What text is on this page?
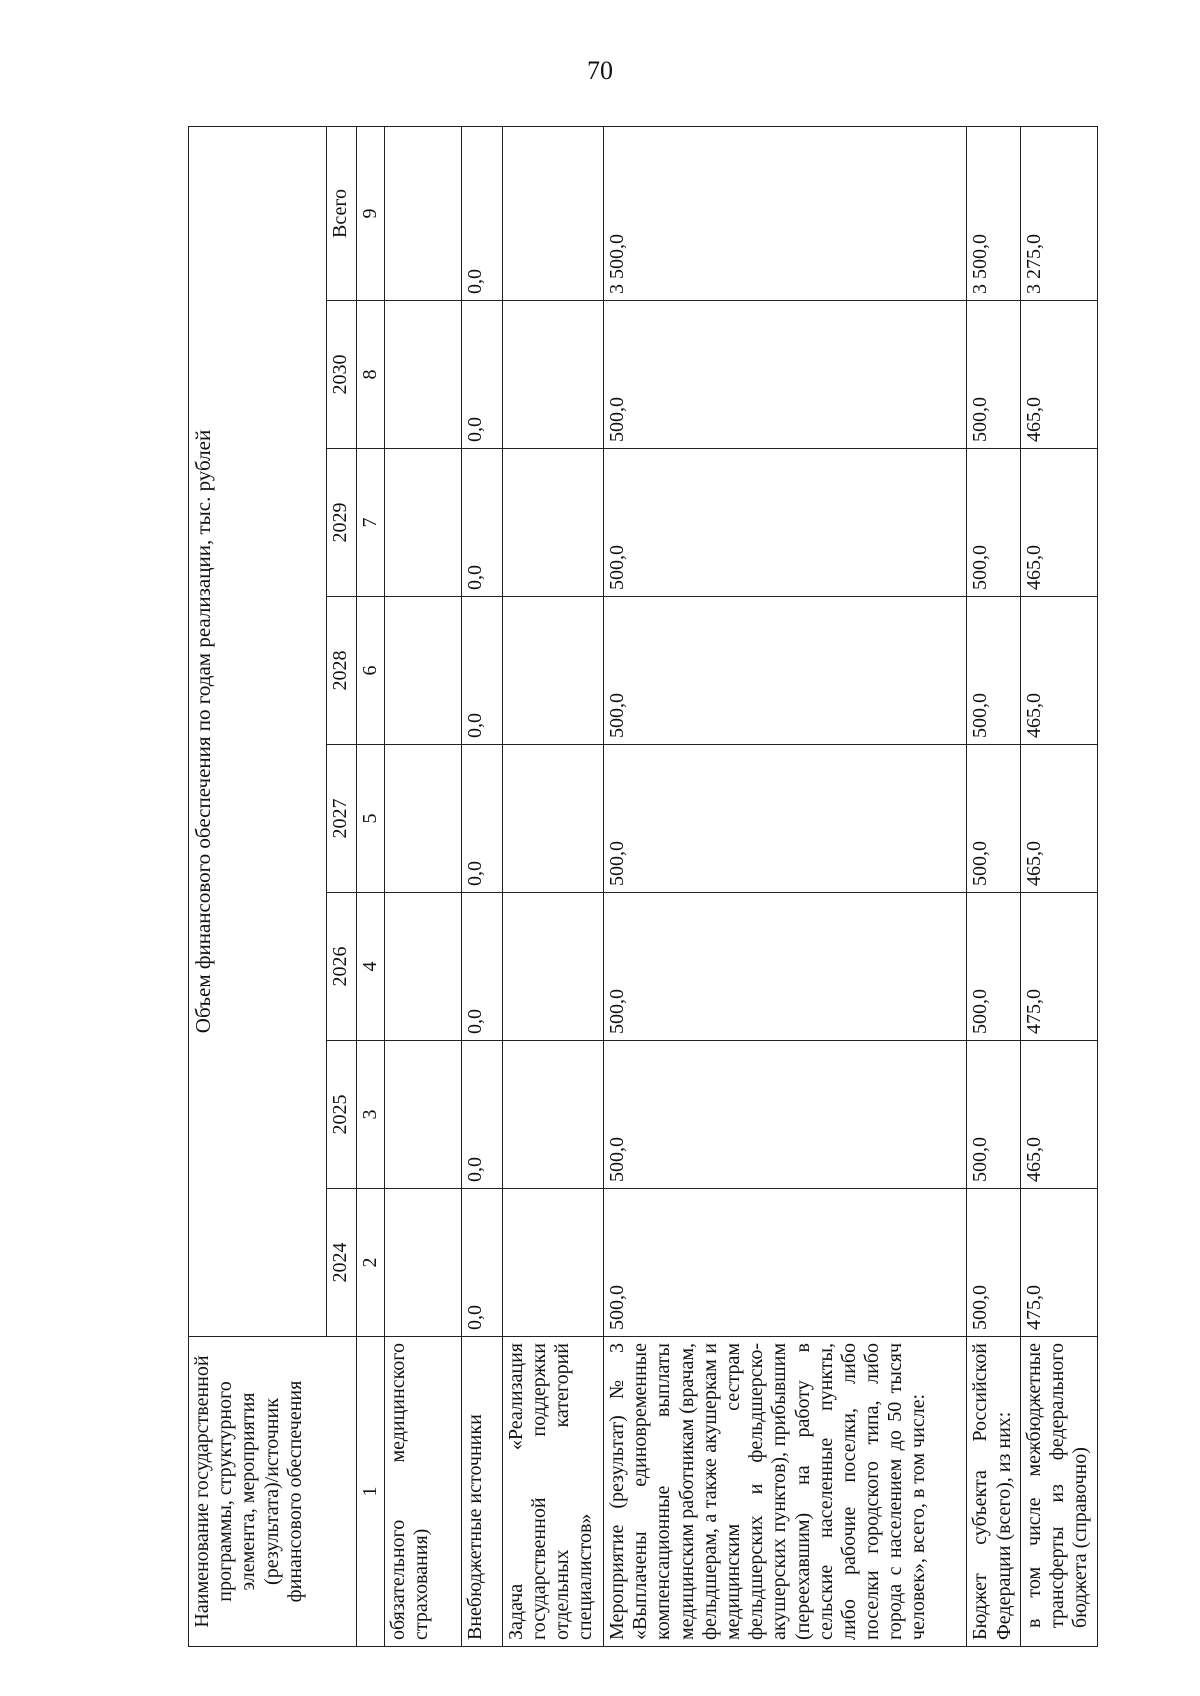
70
Наименование государственной программы, структурного элемента, мероприятия (результата)/источник финансового обеспечения	Объем финансового обеспечения по годам реализации, тыс. рублей							
	2024	2025	2026	2027	2028	2029	2030	Всего
1	2	3	4	5	6	7	8	9
обязательного медицинского страхования)								
Внебюджетные источники	0,0	0,0	0,0	0,0	0,0	0,0	0,0	0,0
Задача «Реализация государственной поддержки отдельных категорий специалистов»								
Мероприятие (результат) № 3 «Выплачены единовременные компенсационные выплаты медицинским работникам (врачам, фельдшерам, а также акушеркам и медицинским сестрам фельдшерских и фельдшерско-акушерских пунктов), прибывшим (переехавшим) на работу в сельские населенные пункты, либо рабочие поселки, либо поселки городского типа, либо города с населением до 50 тысяч человек», всего, в том числе:	500,0	500,0	500,0	500,0	500,0	500,0	500,0	3 500,0
Бюджет субъекта Российской Федерации (всего), из них:	500,0	500,0	500,0	500,0	500,0	500,0	500,0	3 500,0
в том числе межбюджетные трансферты из федерального бюджета (справочно)	475,0	465,0	475,0	465,0	465,0	465,0	465,0	3 275,0
